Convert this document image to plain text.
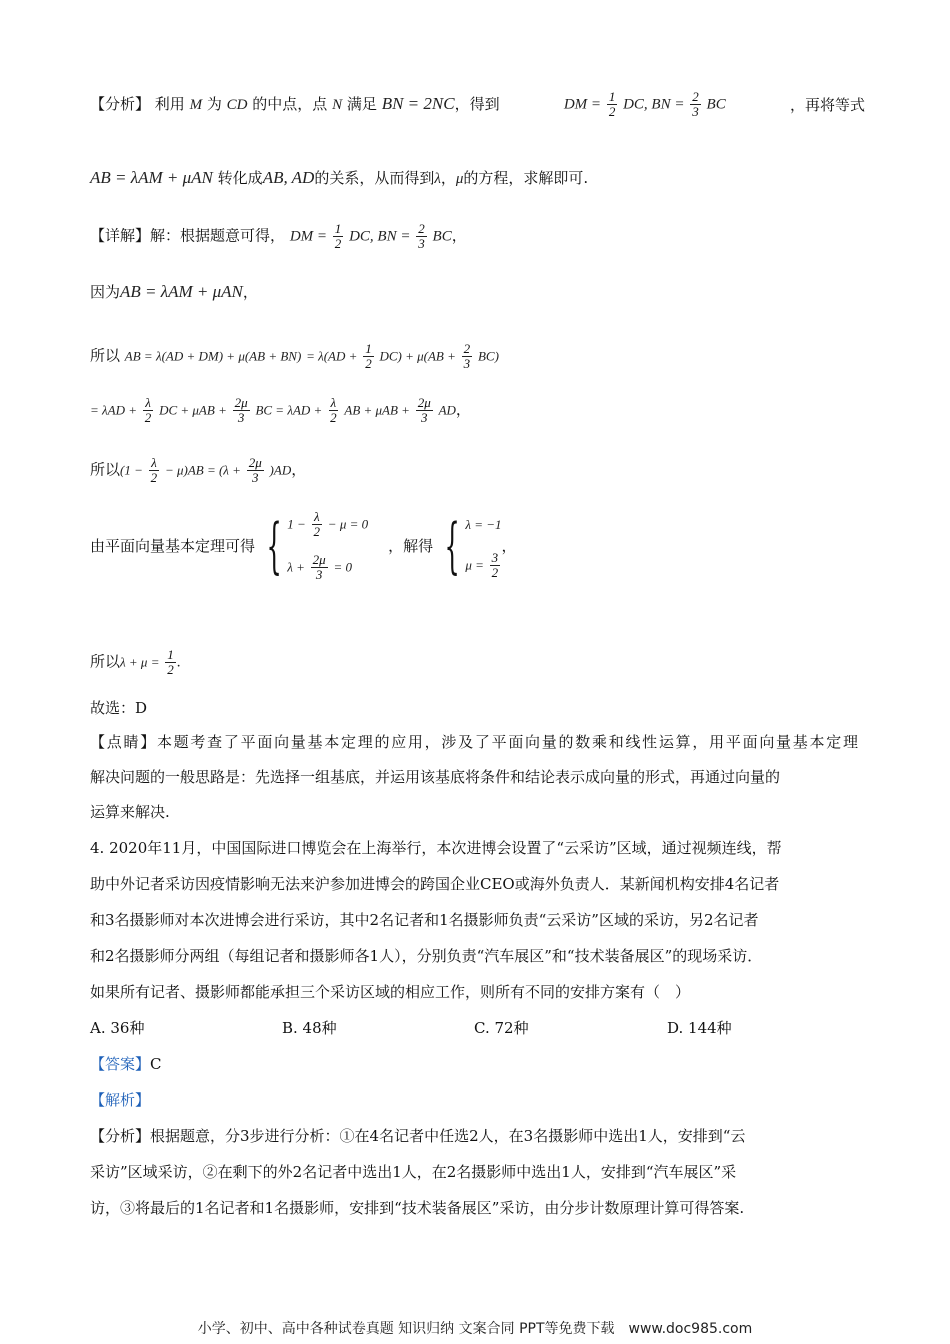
【分析】 利用 M 为 CD 的中点，点 N 满足 BN = 2NC，得到	DM = $\frac{1}{2}$ DC, BN = $\frac{2}{3}$ BC	，再将等式
AB = λAM + μAN 转化成AB, AD的关系，从而得到λ，μ的方程，求解即可.
【详解】解：根据题意可得， DM = $\frac{1}{2}$ DC, BN = $\frac{2}{3}$ BC，
因为AB = λAM + μAN，
所以 AB = $\lambda(AD + DM) + \mu(AB + BN) = \lambda(AD + \frac{1}{2} DC) + \mu(AB + \frac{2}{3} BC)$
= $\lambda AD + \frac{\lambda}{2}$ DC + $\mu AB + \frac{2\mu}{3}$ BC = $\lambda AD + \frac{\lambda}{2}$ AB + $\mu AB + \frac{2\mu}{3}$ AD，
所以$(1 - \frac{\lambda}{2} - \mu)AB = (\lambda + \frac{2\mu}{3} )AD$，
由平面向量基本定理可得 { $1 - \frac{\lambda}{2} - \mu = 0$
$\lambda + \frac{2\mu}{3} = 0$
，解得 { λ = −1
$\mu = \frac{3}{2}$
，
所以$\lambda + \mu = \frac{1}{2}$ .
故选：D
【点睛】本题考查了平面向量基本定理的应用，涉及了平面向量的数乘和线性运算，用平面向量基本定理
解决问题的一般思路是：先选择一组基底，并运用该基底将条件和结论表示成向量的形式，再通过向量的
运算来解决.
4. 2020年11月，中国国际进口博览会在上海举行，本次进博会设置了“云采访”区域，通过视频连线，帮
助中外记者采访因疫情影响无法来沪参加进博会的跨国企业CEO或海外负责人．某新闻机构安排4名记者
和3名摄影师对本次进博会进行采访，其中2名记者和1名摄影师负责“云采访”区域的采访，另2名记者
和2名摄影师分两组（每组记者和摄影师各1人），分别负责“汽车展区”和“技术装备展区”的现场采访．
如果所有记者、摄影师都能承担三个采访区域的相应工作，则所有不同的安排方案有（　）
A. 36种	B. 48种	C. 72种	D. 144种
【答案】C
【解析】
【分析】根据题意，分3步进行分析：①在4名记者中任选2人，在3名摄影师中选出1人，安排到“云
采访”区域采访，②在剩下的外2名记者中选出1人，在2名摄影师中选出1人，安排到“汽车展区”采
访，③将最后的1名记者和1名摄影师，安排到“技术装备展区”采访，由分步计数原理计算可得答案.
小学、初中、高中各种试卷真题 知识归纳 文案合同 PPT等免费下载　www.doc985.com
